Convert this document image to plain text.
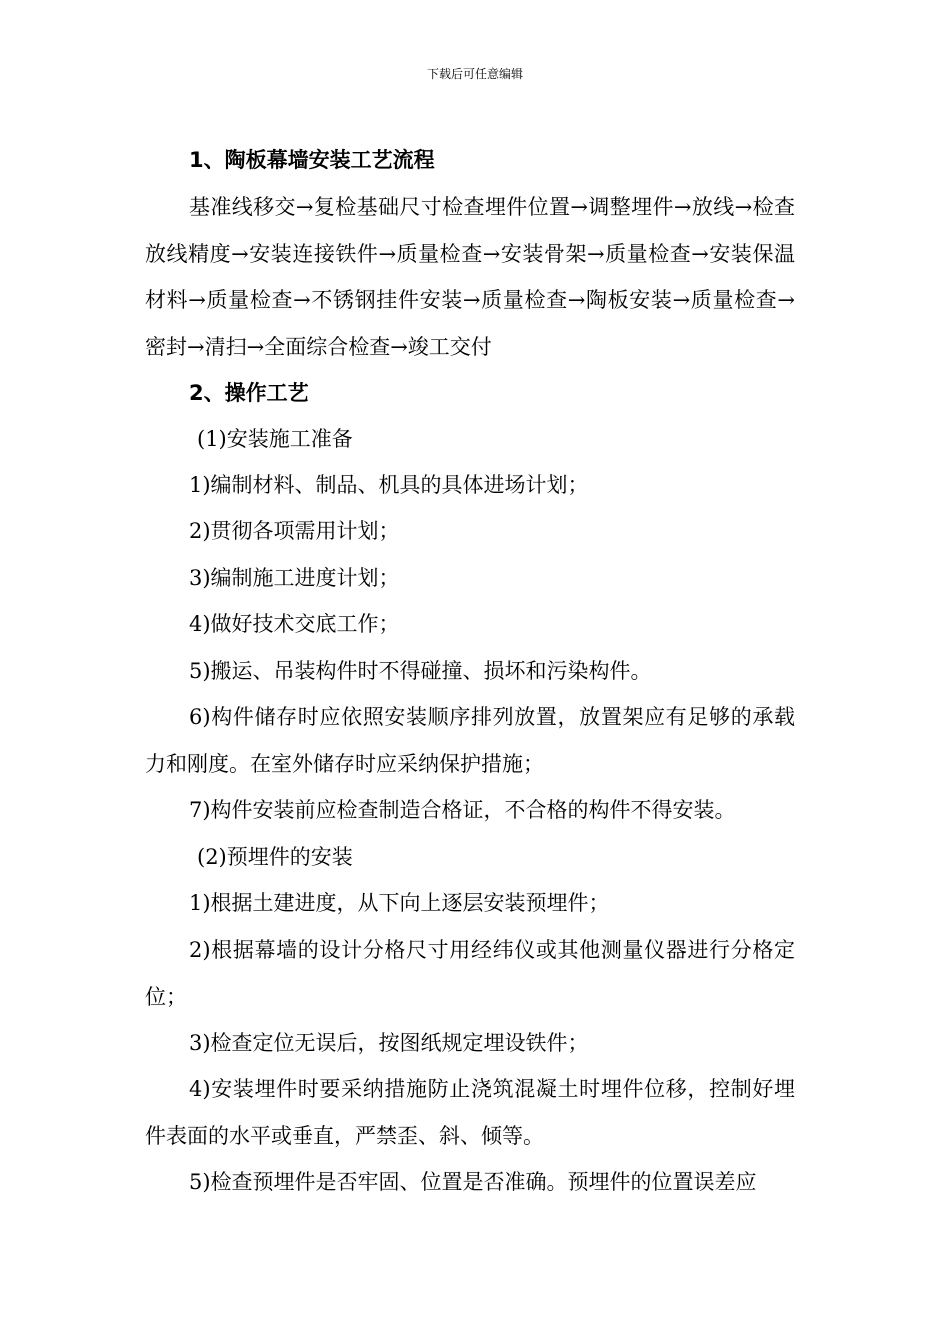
下载后可任意编辑

1、陶板幕墙安装工艺流程

基准线移交→复检基础尺寸检查埋件位置→调整埋件→放线→检查放线精度→安装连接铁件→质量检查→安装骨架→质量检查→安装保温材料→质量检查→不锈钢挂件安装→质量检查→陶板安装→质量检查→密封→清扫→全面综合检查→竣工交付

2、操作工艺

(1)安装施工准备

1)编制材料、制品、机具的具体进场计划；

2)贯彻各项需用计划；

3)编制施工进度计划；

4)做好技术交底工作；

5)搬运、吊装构件时不得碰撞、损坏和污染构件。

6)构件储存时应依照安装顺序排列放置，放置架应有足够的承载力和刚度。在室外储存时应采纳保护措施；

7)构件安装前应检查制造合格证，不合格的构件不得安装。

(2)预埋件的安装

1)根据土建进度，从下向上逐层安装预埋件；

2)根据幕墙的设计分格尺寸用经纬仪或其他测量仪器进行分格定位；

3)检查定位无误后，按图纸规定埋设铁件；

4)安装埋件时要采纳措施防止浇筑混凝土时埋件位移，控制好埋件表面的水平或垂直，严禁歪、斜、倾等。

5)检查预埋件是否牢固、位置是否准确。预埋件的位置误差应
